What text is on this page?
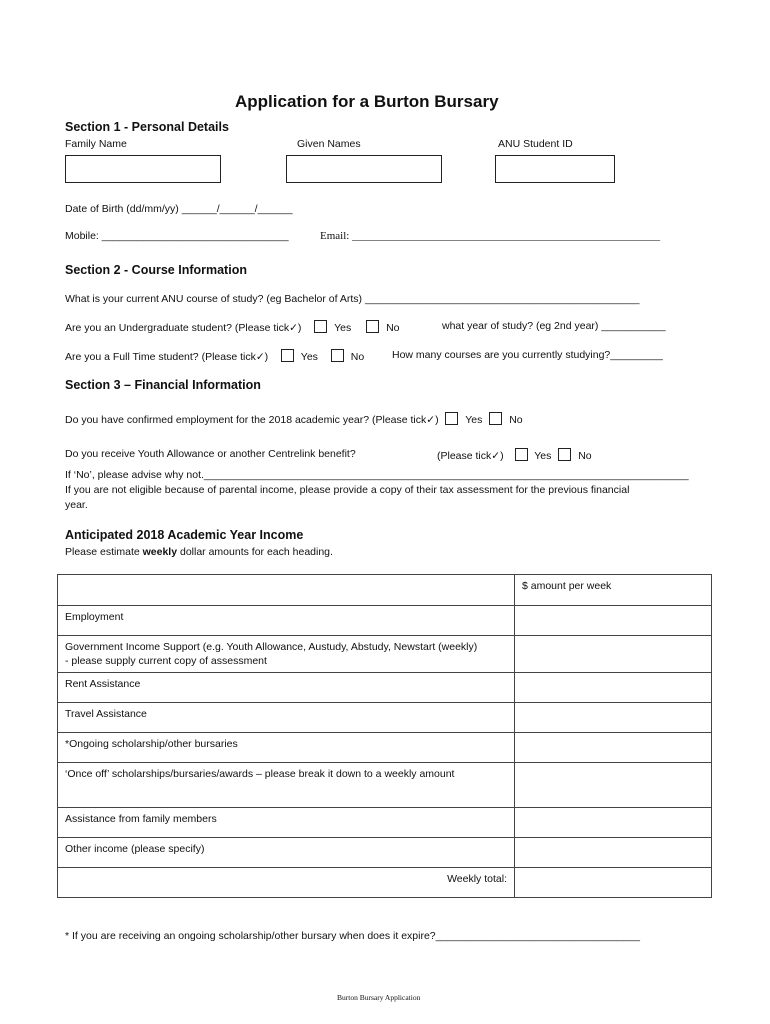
Application for a Burton Bursary
Section 1 - Personal Details
Family Name	Given Names	ANU Student ID
Date of Birth (dd/mm/yy) ______/______/______
Mobile: ________________________________	Email: ________________________________________________________
Section 2 - Course Information
What is your current ANU course of study? (eg Bachelor of Arts) _______________________________________________
Are you an Undergraduate student? (Please tick✓)	Yes	No	what year of study? (eg 2nd year) ___________
Are you a Full Time student? (Please tick✓)	Yes	No	How many courses are you currently studying?_________
Section 3 – Financial Information
Do you have confirmed employment for the 2018 academic year? (Please tick✓)	Yes	No
Do you receive Youth Allowance or another Centrelink benefit?	(Please tick✓)	Yes	No
If ‘No’, please advise why not.___________________________________________________________________________________
If you are not eligible because of parental income, please provide a copy of their tax assessment for the previous financial
year.
Anticipated 2018 Academic Year Income
Please estimate weekly dollar amounts for each heading.
	$ amount per week
Employment	
Government Income Support (e.g. Youth Allowance, Austudy, Abstudy, Newstart (weekly)              - please supply current copy of assessment	
Rent Assistance	
Travel Assistance	
*Ongoing scholarship/other bursaries	
‘Once off’ scholarships/bursaries/awards – please break it down to a weekly amount	
Assistance from family members	
Other income (please specify)	
Weekly total:	
* If you are receiving an ongoing scholarship/other bursary when does it expire?___________________________________
Burton Bursary Application
